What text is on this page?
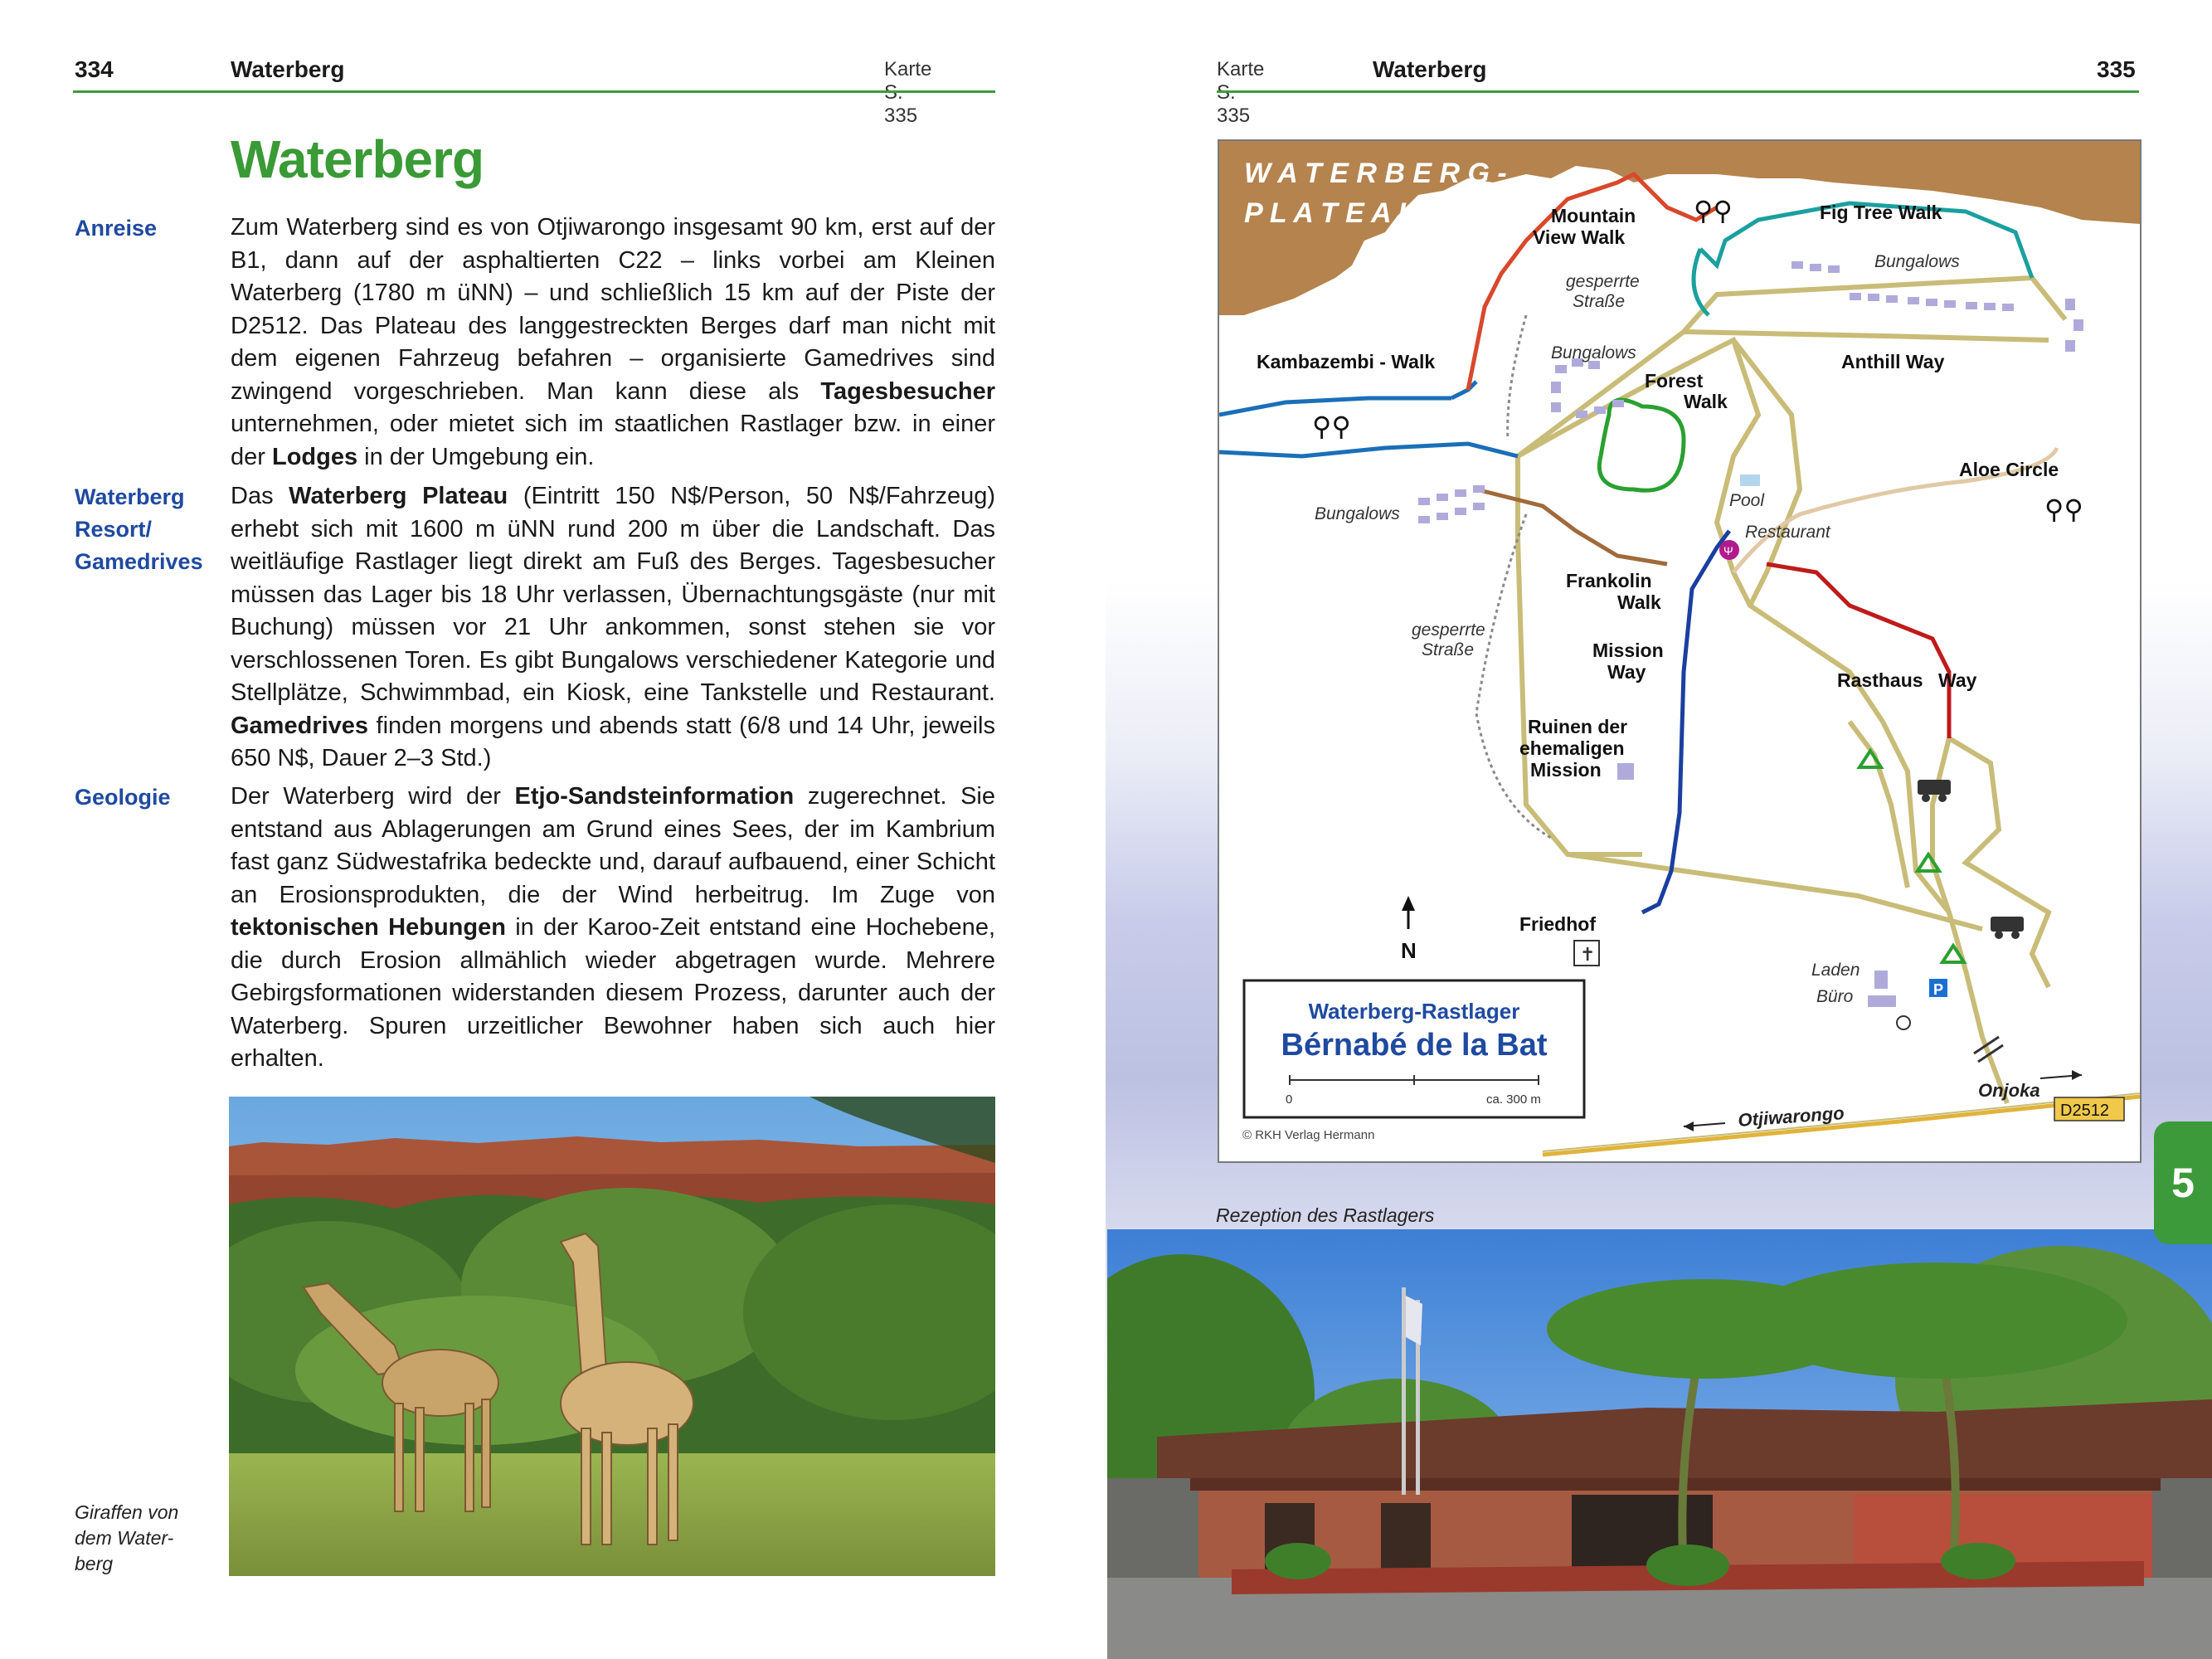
334	Waterberg	Karte 335
Waterberg
Anreise	Zum Waterberg sind es von Otjiwarongo insgesamt 90 km, erst auf der B1, dann auf der asphaltierten C22 – links vorbei am Kleinen Waterberg (1780 m üNN) – und schließlich 15 km auf der Piste der D2512. Das Plateau des langgestreckten Berges darf man nicht mit dem eigenen Fahrzeug befahren – organisierte Gamedrives sind zwingend vorgeschrieben. Man kann diese als Tagesbesucher unternehmen, oder mietet sich im staatlichen Rastlager bzw. in einer der Lodges in der Umgebung ein.

Waterberg
Resort/
Gamedrives

Das Waterberg Plateau (Eintritt 150 N$/Person, 50 N$/Fahrzeug) erhebt sich mit 1600 m üNN rund 200 m über die Landschaft. Das weitläufige Rastlager liegt direkt am Fuß des Berges. Tagesbesucher müssen das Lager bis 18 Uhr verlassen, Übernachtungsgäste (nur mit Buchung) müssen vor 21 Uhr ankommen, sonst stehen sie vor verschlossenen Toren. Es gibt Bungalows verschiedener Kategorie und Stellplätze, Schwimmbad, ein Kiosk, eine Tankstelle und Restaurant. Gamedrives finden morgens und abends statt (6/8 und 14 Uhr, jeweils 650 N$, Dauer 2–3 Std.)

Geologie Der Waterberg wird der Etjo-Sandsteinformation zugerechnet. Sie entstand aus Ablagerungen am Grund eines Sees, der im Kambrium fast ganz Südwestafrika bedeckte und, darauf aufbauend, einer Schicht an Erosionsprodukten, die der Wind herbeitrug. Im Zuge von tektonischen Hebungen in der Karoo-Zeit entstand eine Hochebene, die durch Erosion allmählich wieder abgetragen wurde. Mehrere Gebirgsformationen widerstanden diesem Prozess, darunter auch der Waterberg. Spuren urzeitlicher Bewohner haben sich auch hier erhalten.

Giraffen von
dem Water-
berg
Karte 335
Waterberg	335
W A T E R B E R G -
P L A T E A U
Ψ
P
✝
⚲⚲
⚲⚲
⚲⚲
N
Mountain
View Walk
Fig Tree Walk
Kambazembi - Walk
Forest
Walk
Anthill Way
Aloe Circle
Frankolin
Walk
Mission
Way	Rasthaus Way
Ruinen der
ehemaligen
Mission
Friedhof
Bungalows
gesperrte
Straße
Bungalows
Pool
Bungalows
Restaurant
gesperrte
Straße
Laden
Büro
Onjoka
Otjiwarongo	D2512
Waterberg-Rastlager
Bérnabé de la Bat
0	ca. 300 m
© RKH Verlag Hermann
Rezeption des Rastlagers
5
